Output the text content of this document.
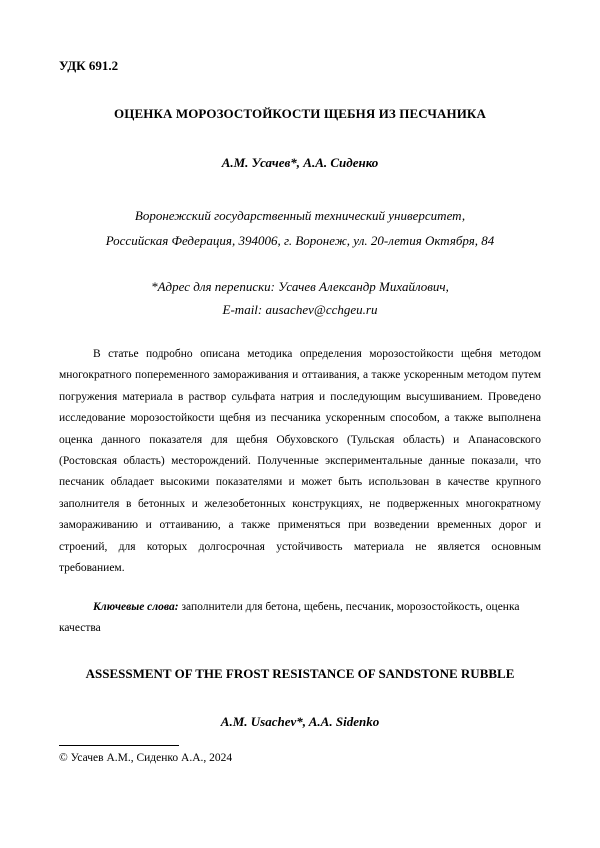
УДК 691.2
ОЦЕНКА МОРОЗОСТОЙКОСТИ ЩЕБНЯ ИЗ ПЕСЧАНИКА
А.М. Усачев*, А.А. Сиденко
Воронежский государственный технический университет,
Российская Федерация, 394006, г. Воронеж, ул. 20-летия Октября, 84
*Адрес для переписки: Усачев Александр Михайлович,
E-mail: ausachev@cchgeu.ru

В статье подробно описана методика определения морозостойкости щебня методом многократного попеременного замораживания и оттаивания, а также ускоренным методом путем погружения материала в раствор сульфата натрия и последующим высушиванием. Проведено исследование морозостойкости щебня из песчаника ускоренным способом, а также выполнена оценка данного показателя для щебня Обуховского (Тульская область) и Апанасовского (Ростовская область) месторождений. Полученные экспериментальные данные показали, что песчаник обладает высокими показателями и может быть использован в качестве крупного заполнителя в бетонных и железобетонных конструкциях, не подверженных многократному замораживанию и оттаиванию, а также применяться при возведении временных дорог и строений, для которых долгосрочная устойчивость материала не является основным требованием.

Ключевые слова: заполнители для бетона, щебень, песчаник, морозостойкость, оценка качества

ASSESSMENT OF THE FROST RESISTANCE OF SANDSTONE RUBBLE
A.M. Usachev*, A.A. Sidenko
© Усачев А.М., Сиденко А.А., 2024
